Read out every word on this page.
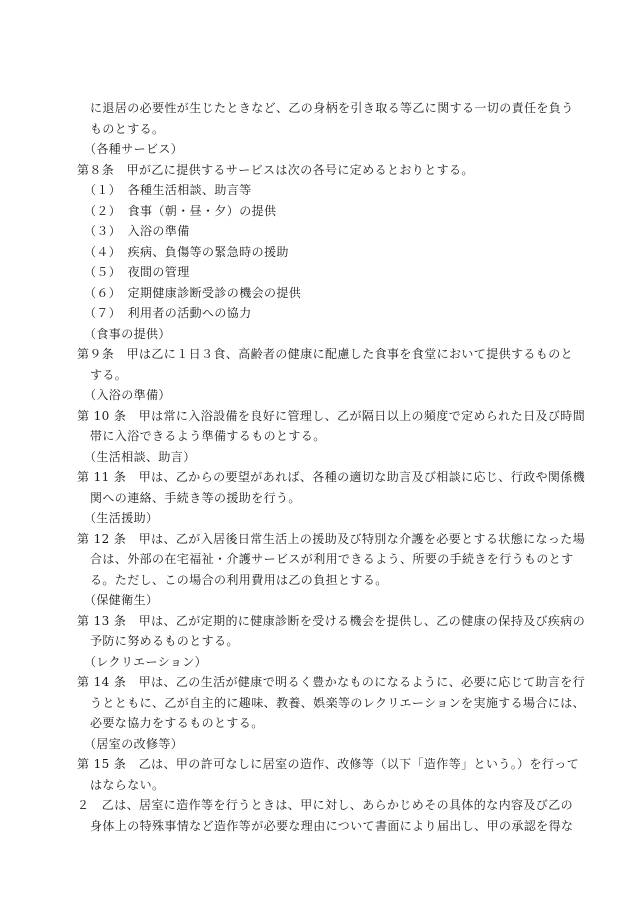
に退居の必要性が生じたときなど、乙の身柄を引き取る等乙に関する一切の責任を負う
ものとする。
（各種サービス）
第８条　甲が乙に提供するサービスは次の各号に定めるとおりとする。
（１）　各種生活相談、助言等
（２）　食事（朝・昼・夕）の提供
（３）　入浴の準備
（４）　疾病、負傷等の緊急時の援助
（５）　夜間の管理
（６）　定期健康診断受診の機会の提供
（７）　利用者の活動への協力
（食事の提供）
第９条　甲は乙に１日３食、高齢者の健康に配慮した食事を食堂において提供するものと
する。
（入浴の準備）
第 10 条　甲は常に入浴設備を良好に管理し、乙が隔日以上の頻度で定められた日及び時間
帯に入浴できるよう準備するものとする。
（生活相談、助言）
第 11 条　甲は、乙からの要望があれば、各種の適切な助言及び相談に応じ、行政や関係機
関への連絡、手続き等の援助を行う。
（生活援助）
第 12 条　甲は、乙が入居後日常生活上の援助及び特別な介護を必要とする状態になった場
合は、外部の在宅福祉・介護サービスが利用できるよう、所要の手続きを行うものとす
る。ただし、この場合の利用費用は乙の負担とする。
（保健衛生）
第 13 条　甲は、乙が定期的に健康診断を受ける機会を提供し、乙の健康の保持及び疾病の
予防に努めるものとする。
（レクリエーション）
第 14 条　甲は、乙の生活が健康で明るく豊かなものになるように、必要に応じて助言を行
うとともに、乙が自主的に趣味、教養、娯楽等のレクリエーションを実施する場合には、
必要な協力をするものとする。
（居室の改修等）
第 15 条　乙は、甲の許可なしに居室の造作、改修等（以下「造作等」という。）を行って
はならない。
２　乙は、居室に造作等を行うときは、甲に対し、あらかじめその具体的な内容及び乙の
身体上の特殊事情など造作等が必要な理由について書面により届出し、甲の承認を得な
